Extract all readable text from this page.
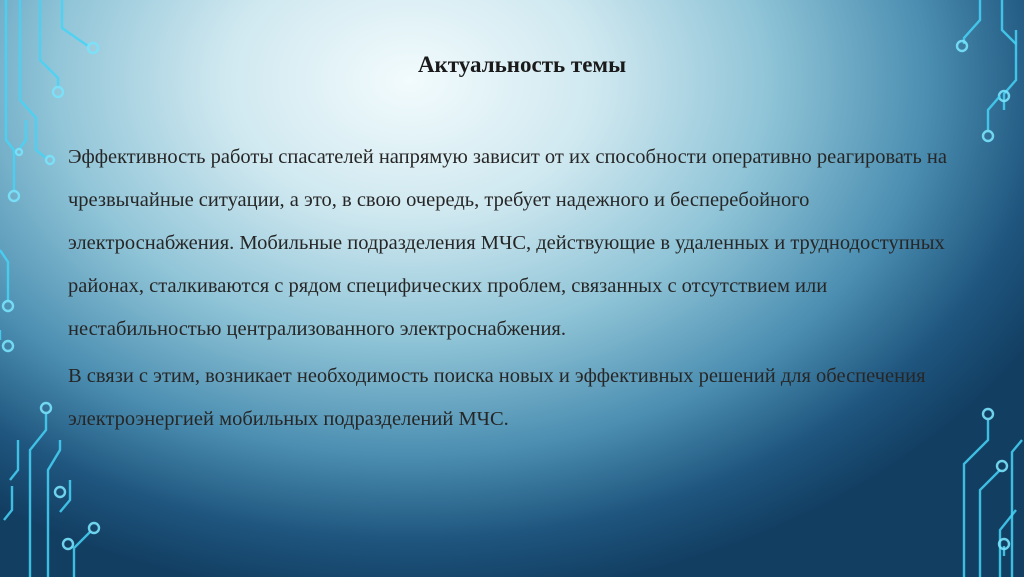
Актуальность темы

Эффективность работы спасателей напрямую зависит от их способности оперативно реагировать на чрезвычайные ситуации, а это, в свою очередь, требует надежного и бесперебойного электроснабжения. Мобильные подразделения МЧС, действующие в удаленных и труднодоступных районах, сталкиваются с рядом специфических проблем, связанных с отсутствием или нестабильностью централизованного электроснабжения.

В связи с этим, возникает необходимость поиска новых и эффективных решений для обеспечения электроэнергией мобильных подразделений МЧС.
